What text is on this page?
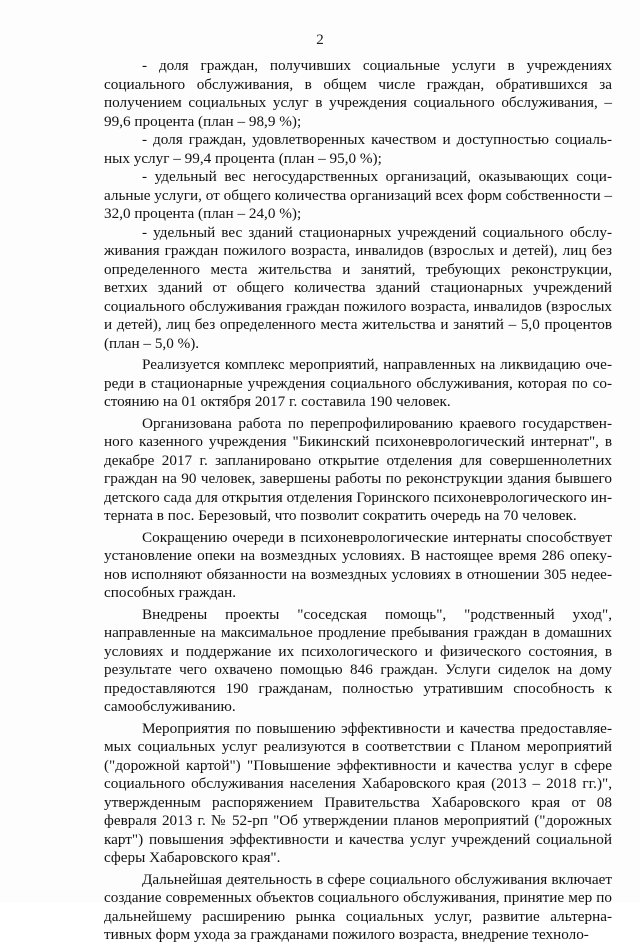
2

- доля граждан, получивших социальные услуги в учреждениях социального обслуживания, в общем числе граждан, обратившихся за получением социальных услуг в учреждения социального обслуживания, – 99,6 процента (план – 98,9 %);

- доля граждан, удовлетворенных качеством и доступностью социальных услуг – 99,4 процента (план – 95,0 %);

- удельный вес негосударственных организаций, оказывающих социальные услуги, от общего количества организаций всех форм собственности – 32,0 процента (план – 24,0 %);

- удельный вес зданий стационарных учреждений социального обслуживания граждан пожилого возраста, инвалидов (взрослых и детей), лиц без определенного места жительства и занятий, требующих реконструкции, ветхих зданий от общего количества зданий стационарных учреждений социального обслуживания граждан пожилого возраста, инвалидов (взрослых и детей), лиц без определенного места жительства и занятий – 5,0 процентов (план – 5,0 %).

Реализуется комплекс мероприятий, направленных на ликвидацию очереди в стационарные учреждения социального обслуживания, которая по состоянию на 01 октября 2017 г. составила 190 человек.

Организована работа по перепрофилированию краевого государственного казенного учреждения "Бикинский психоневрологический интернат", в декабре 2017 г. запланировано открытие отделения для совершеннолетних граждан на 90 человек, завершены работы по реконструкции здания бывшего детского сада для открытия отделения Горинского психоневрологического интерната в пос. Березовый, что позволит сократить очередь на 70 человек.

Сокращению очереди в психоневрологические интернаты способствует установление опеки на возмездных условиях. В настоящее время 286 опекунов исполняют обязанности на возмездных условиях в отношении 305 недееспособных граждан.

Внедрены проекты "соседская помощь", "родственный уход", направленные на максимальное продление пребывания граждан в домашних условиях и поддержание их психологического и физического состояния, в результате чего охвачено помощью 846 граждан. Услуги сиделок на дому предоставляются 190 гражданам, полностью утратившим способность к самообслуживанию.

Мероприятия по повышению эффективности и качества предоставляемых социальных услуг реализуются в соответствии с Планом мероприятий ("дорожной картой") "Повышение эффективности и качества услуг в сфере социального обслуживания населения Хабаровского края (2013 – 2018 гг.)", утвержденным распоряжением Правительства Хабаровского края от 08 февраля 2013 г. № 52-рп "Об утверждении планов мероприятий ("дорожных карт") повышения эффективности и качества услуг учреждений социальной сферы Хабаровского края".

Дальнейшая деятельность в сфере социального обслуживания включает создание современных объектов социального обслуживания, принятие мер по дальнейшему расширению рынка социальных услуг, развитие альтернативных форм ухода за гражданами пожилого возраста, внедрение техноло-
